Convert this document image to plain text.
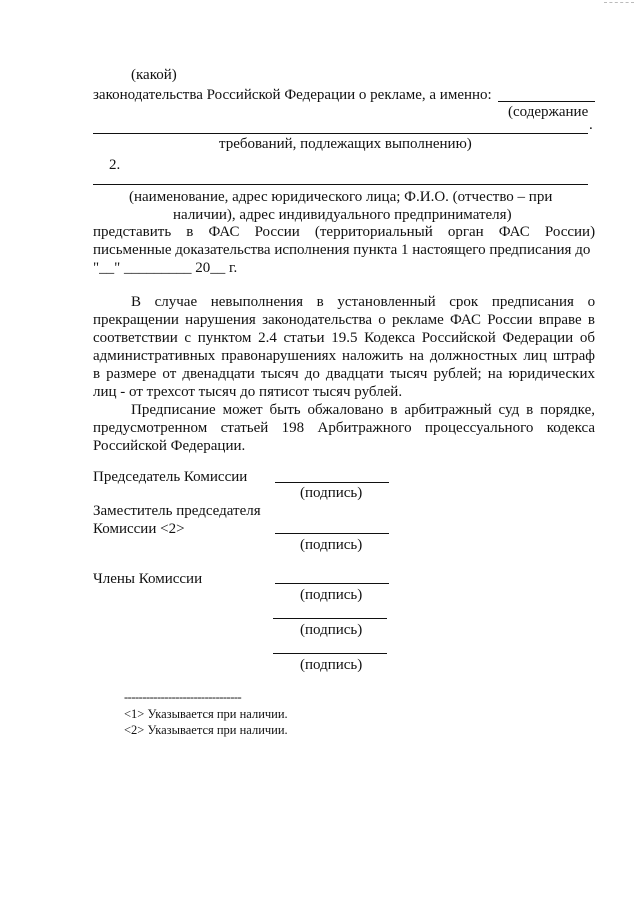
(какой)
законодательства Российской Федерации о рекламе, а именно:
(содержание
.
требований, подлежащих выполнению)
2.
(наименование, адрес юридического лица; Ф.И.О. (отчество – при
наличии), адрес индивидуального предпринимателя)
представить в ФАС России (территориальный орган ФАС России)
письменные доказательства исполнения пункта 1 настоящего предписания до
"__" _________ 20__ г.
В случае невыполнения в установленный срок предписания о
прекращении нарушения законодательства о рекламе ФАС России вправе в
соответствии с пунктом 2.4 статьи 19.5 Кодекса Российской Федерации об
административных правонарушениях наложить на должностных лиц штраф
в размере от двенадцати тысяч до двадцати тысяч рублей; на юридических
лиц - от трехсот тысяч до пятисот тысяч рублей.
Предписание может быть обжаловано в арбитражный суд в порядке,
предусмотренном статьей 198 Арбитражного процессуального кодекса
Российской Федерации.
Председатель Комиссии
(подпись)
Заместитель председателя
Комиссии <2>
(подпись)
Члены Комиссии
(подпись)
(подпись)
(подпись)
--------------------------------
<1> Указывается при наличии.
<2> Указывается при наличии.
